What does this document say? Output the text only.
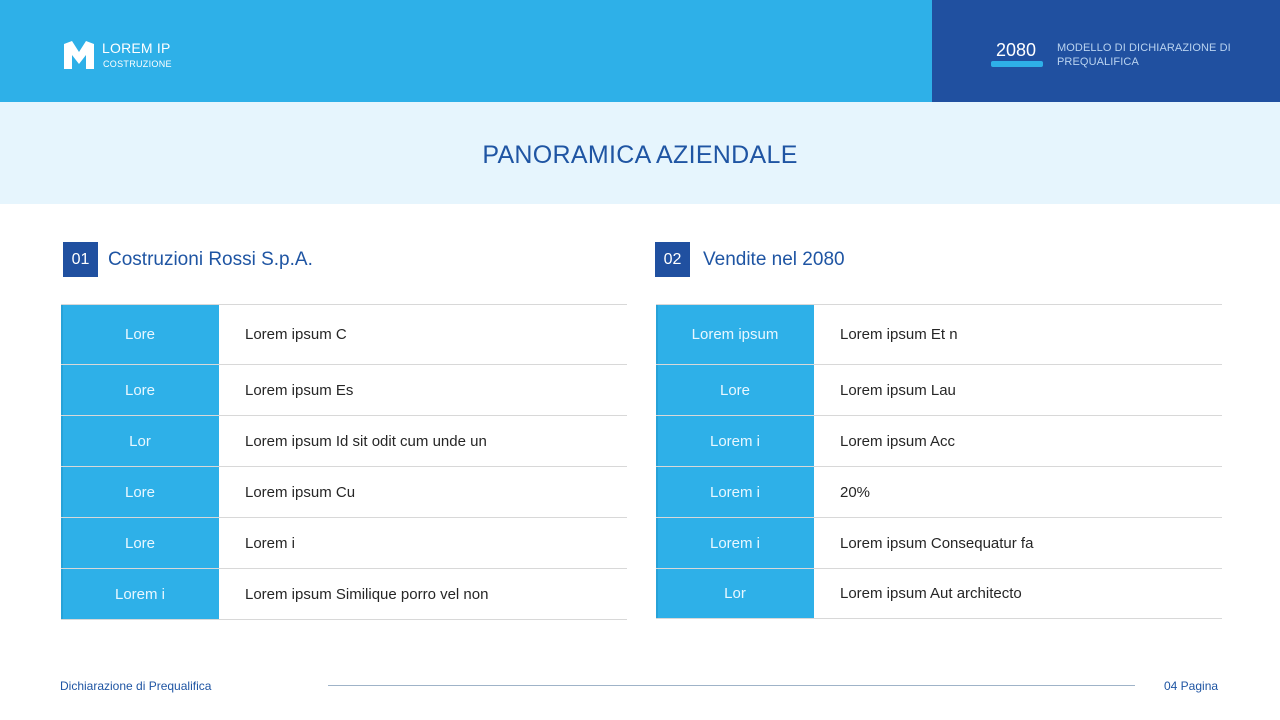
LOREM IP
COSTRUZIONE
2080 MODELLO DI DICHIARAZIONE DI PREQUALIFICA
PANORAMICA AZIENDALE
01 Costruzioni Rossi S.p.A.
Lore	Lorem ipsum C
Lore	Lorem ipsum Es
Lor	Lorem ipsum Id sit odit cum unde un
Lore	Lorem ipsum Cu
Lore	Lorem i
Lorem i	Lorem ipsum Similique porro vel non
02	Vendite nel 2080
Lorem ipsum	Lorem ipsum Et n
Lore	Lorem ipsum Lau
Lorem i	Lorem ipsum Acc
Lorem i	20%
Lorem i	Lorem ipsum Consequatur fa
Lor	Lorem ipsum Aut architecto
Dichiarazione di Prequalifica	04 Pagina
